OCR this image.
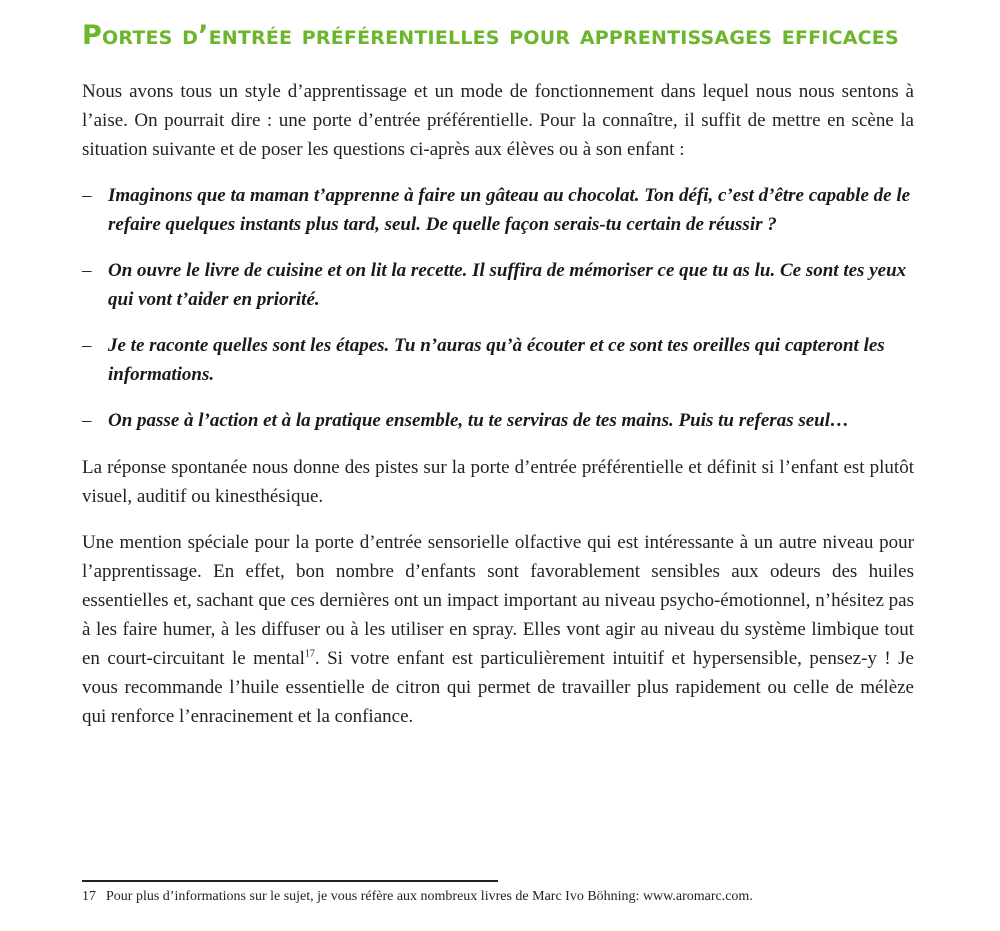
Portes d’entrée préférentielles pour apprentissages efficaces

Nous avons tous un style d’apprentissage et un mode de fonctionnement dans lequel nous nous sentons à l’aise. On pourrait dire : une porte d’entrée préférentielle. Pour la connaître, il suffit de mettre en scène la situation suivante et de poser les questions ci-après aux élèves ou à son enfant :

– Imaginons que ta maman t’apprenne à faire un gâteau au chocolat. Ton défi, c’est d’être capable de le refaire quelques instants plus tard, seul. De quelle façon serais-tu certain de réussir ?
– On ouvre le livre de cuisine et on lit la recette. Il suffira de mémoriser ce que tu as lu. Ce sont tes yeux qui vont t’aider en priorité.
– Je te raconte quelles sont les étapes. Tu n’auras qu’à écouter et ce sont tes oreilles qui capteront les informations.
– On passe à l’action et à la pratique ensemble, tu te serviras de tes mains. Puis tu referas seul…

La réponse spontanée nous donne des pistes sur la porte d’entrée préférentielle et définit si l’enfant est plutôt visuel, auditif ou kinesthésique.

Une mention spéciale pour la porte d’entrée sensorielle olfactive qui est intéressante à un autre niveau pour l’apprentissage. En effet, bon nombre d’enfants sont favorablement sensibles aux odeurs des huiles essentielles et, sachant que ces dernières ont un impact important au niveau psycho-émotionnel, n’hésitez pas à les faire humer, à les diffuser ou à les utiliser en spray. Elles vont agir au niveau du système limbique tout en court-circuitant le mental$^{17}$. Si votre enfant est particulièrement intuitif et hypersensible, pensez-y ! Je vous recommande l’huile essentielle de citron qui permet de travailler plus rapidement ou celle de mélèze qui renforce l’enracinement et la confiance.

17 Pour plus d’informations sur le sujet, je vous réfère aux nombreux livres de Marc Ivo Böhning: www.aromarc.com.
